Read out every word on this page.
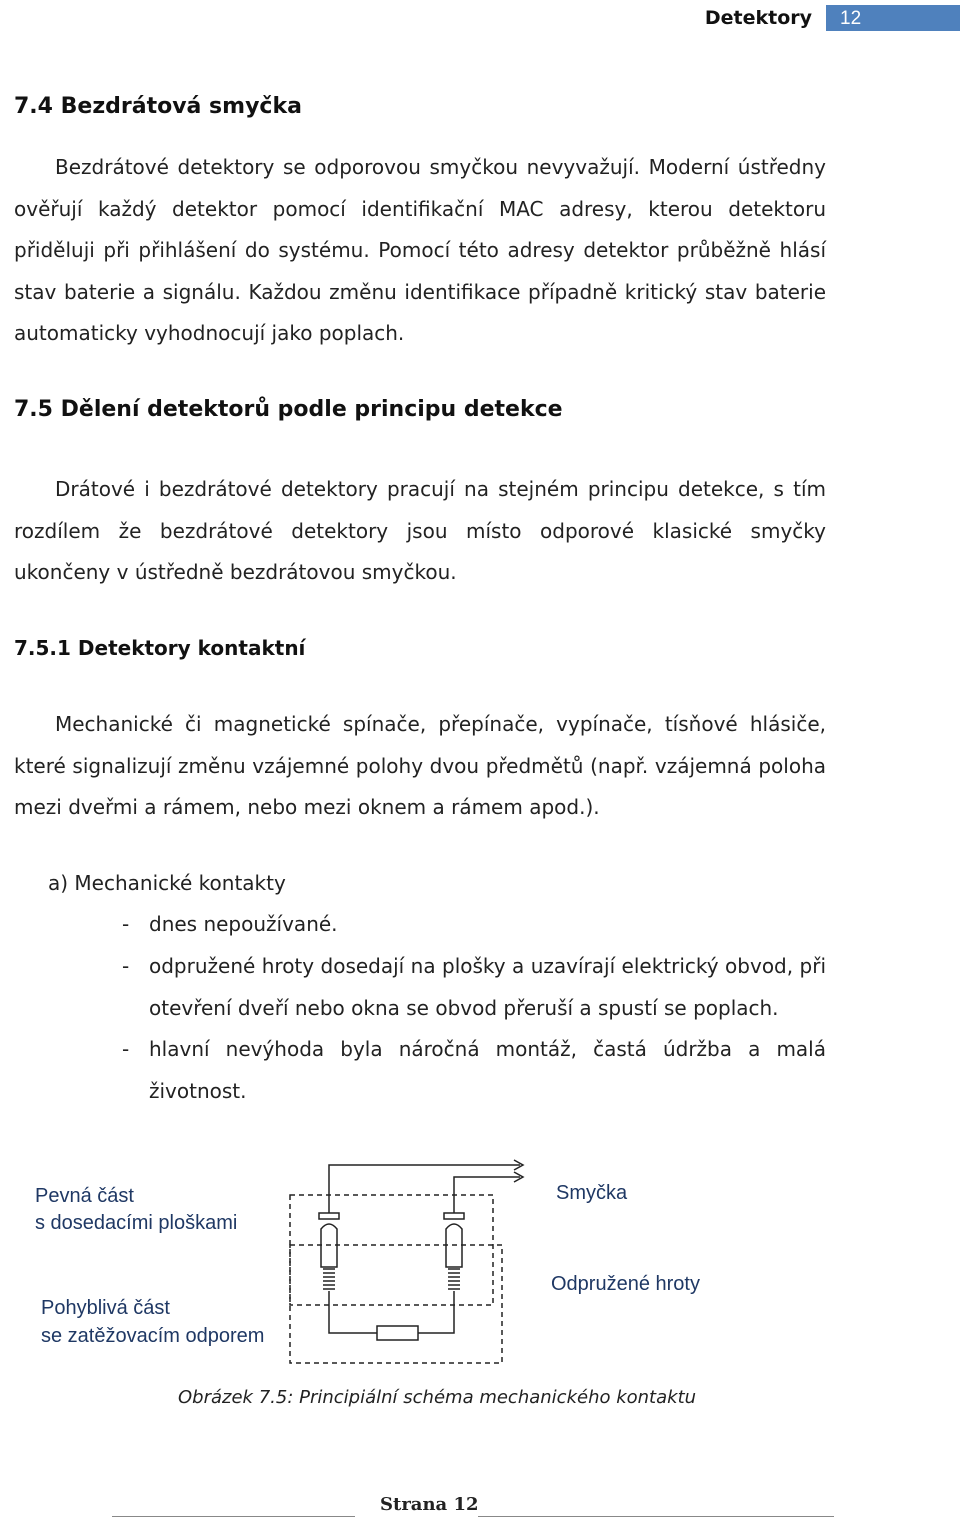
Detektory 12
7.4 Bezdrátová smyčka
Bezdrátové detektory se odporovou smyčkou nevyvažují. Moderní ústředny ověřují každý detektor pomocí identifikační MAC adresy, kterou detektoru přiděluji při přihlášení do systému. Pomocí této adresy detektor průběžně hlásí stav baterie a signálu. Každou změnu identifikace případně kritický stav baterie automaticky vyhodnocují jako poplach.
7.5 Dělení detektorů podle principu detekce
Drátové i bezdrátové detektory pracují na stejném principu detekce, s tím rozdílem že bezdrátové detektory jsou místo odporové klasické smyčky ukončeny v ústředně bezdrátovou smyčkou.
7.5.1 Detektory kontaktní
Mechanické či magnetické spínače, přepínače, vypínače, tísňové hlásiče, které signalizují změnu vzájemné polohy dvou předmětů (např. vzájemná poloha mezi dveřmi a rámem, nebo mezi oknem a rámem apod.).
a) Mechanické kontakty
- dnes nepoužívané.
- odpružené hroty dosedají na plošky a uzavírají elektrický obvod, při otevření dveří nebo okna se obvod přeruší a spustí se poplach.
- hlavní nevýhoda byla náročná montáž, častá údržba a malá životnost.
Pevná část
s dosedacími ploškami
Pohyblivá část
se zatěžovacím odporem
Smyčka
Odpružené hroty
Obrázek 7.5: Principiální schéma mechanického kontaktu
Strana 12
